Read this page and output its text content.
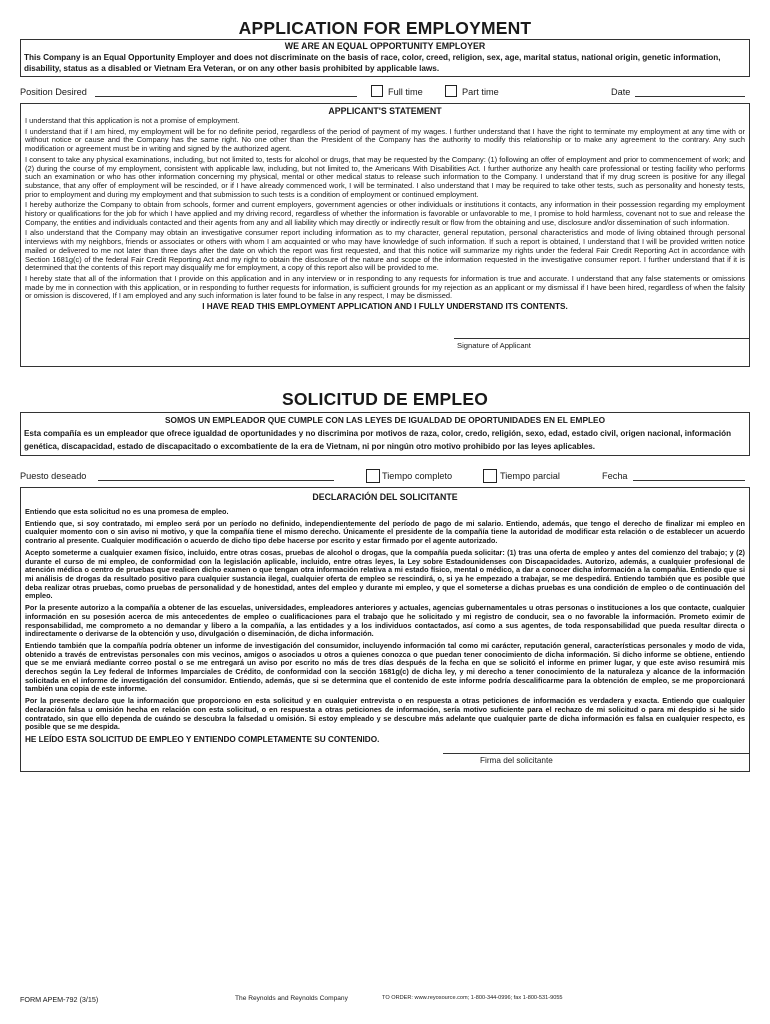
APPLICATION FOR EMPLOYMENT
WE ARE AN EQUAL OPPORTUNITY EMPLOYER
This Company is an Equal Opportunity Employer and does not discriminate on the basis of race, color, creed, religion, sex, age, marital status, national origin, genetic information, disability, status as a disabled or Vietnam Era Veteran, or on any other basis prohibited by applicable laws.
Position Desired	Full time	Part time	Date
APPLICANT'S STATEMENT

I understand that this application is not a promise of employment.

I understand that if I am hired, my employment will be for no definite period, regardless of the period of payment of my wages. I further understand that I have the right to terminate my employment at any time with or without notice or cause and the Company has the same right. No one other than the President of the Company has the authority to modify this relationship or to make any agreement to the contrary. Any such modification or agreement must be in writing and signed by the authorized agent.

I consent to take any physical examinations, including, but not limited to, tests for alcohol or drugs, that may be requested by the Company: (1) following an offer of employment and prior to commencement of work; and (2) during the course of my employment, consistent with applicable law, including, but not limited to, the Americans With Disabilities Act. I further authorize any health care professional or testing facility who performs such an examination or who has other information concerning my physical, mental or other medical status to release such information to the Company. I understand that if my drug screen is positive for any illegal substance, that any offer of employment will be rescinded, or if I have already commenced work, I will be terminated. I also understand that I may be required to take other tests, such as personality and honesty tests, prior to employment and during my employment and that submission to such tests is a condition of employment or continued employment.

I hereby authorize the Company to obtain from schools, former and current employers, government agencies or other individuals or institutions it contacts, any information in their possession regarding my employment history or qualifications for the job for which I have applied and my driving record, regardless of whether the information is favorable or unfavorable to me, I promise to hold harmless, covenant not to sue and release the Company, the entities and individuals contacted and their agents from any and all liability which may directly or indirectly result or flow from the obtaining and use, disclosure and/or dissemination of such information.

I also understand that the Company may obtain an investigative consumer report including information as to my character, general reputation, personal characteristics and mode of living obtained through personal interviews with my neighbors, friends or associates or others with whom I am acquainted or who may have knowledge of such information. If such a report is obtained, I understand that I will be provided written notice mailed or delivered to me not later than three days after the date on which the report was first requested, and that this notice will summarize my rights under the federal Fair Credit Reporting Act in accordance with Section 1681g(c) of the federal Fair Credit Reporting Act and my right to obtain the disclosure of the nature and scope of the information requested in the investigative consumer report. I further understand that if it is determined that the contents of this report may disqualify me for employment, a copy of this report also will be provided to me.

I hereby state that all of the information that I provide on this application and in any interview or in responding to any requests for information is true and accurate. I understand that any false statements or omissions made by me in connection with this application, or in responding to further requests for information, is sufficient grounds for my rejection as an applicant or my dismissal if I have been hired, regardless of when the falsity or omission is discovered, If I am employed and any such information is later found to be false in any respect, I may be dismissed.

I HAVE READ THIS EMPLOYMENT APPLICATION AND I FULLY UNDERSTAND ITS CONTENTS.
Signature of Applicant
SOLICITUD DE EMPLEO
SOMOS UN EMPLEADOR QUE CUMPLE CON LAS LEYES DE IGUALDAD DE OPORTUNIDADES EN EL EMPLEO
Esta compañía es un empleador que ofrece igualdad de oportunidades y no discrimina por motivos de raza, color, credo, religión, sexo, edad, estado civil, origen nacional, información genética, discapacidad, estado de discapacitado o excombatiente de la era de Vietnam, ni por ningún otro motivo prohibido por las leyes aplicables.
Puesto deseado	Tiempo completo	Tiempo parcial	Fecha
DECLARACIÓN DEL SOLICITANTE

Entiendo que esta solicitud no es una promesa de empleo.

Entiendo que, si soy contratado, mi empleo será por un período no definido, independientemente del período de pago de mi salario. Entiendo, además, que tengo el derecho de finalizar mi empleo en cualquier momento con o sin aviso ni motivo, y que la compañía tiene el mismo derecho. Únicamente el presidente de la compañía tiene la autoridad de modificar esta relación o de establecer un acuerdo contrario al presente. Cualquier modificación o acuerdo de dicho tipo debe hacerse por escrito y estar firmado por el agente autorizado.

Acepto someterme a cualquier examen físico, incluido, entre otras cosas, pruebas de alcohol o drogas, que la compañía pueda solicitar: (1) tras una oferta de empleo y antes del comienzo del trabajo; y (2) durante el curso de mi empleo, de conformidad con la legislación aplicable, incluido, entre otras leyes, la Ley sobre Estadounidenses con Discapacidades. Autorizo, además, a cualquier profesional de atención médica o centro de pruebas que realicen dicho examen o que tengan otra información relativa a mi estado físico, mental o médico, a dar a conocer dicha información a la compañía. Entiendo que si mi análisis de drogas da resultado positivo para cualquier sustancia ilegal, cualquier oferta de empleo se rescindirá, o, si ya he empezado a trabajar, se me despedirá. Entiendo también que es posible que deba realizar otras pruebas, como pruebas de personalidad y de honestidad, antes del empleo y durante mi empleo, y que el someterse a dichas pruebas es una condición de empleo o de continuación del empleo.

Por la presente autorizo a la compañía a obtener de las escuelas, universidades, empleadores anteriores y actuales, agencias gubernamentales u otras personas o instituciones a los que contacte, cualquier información en su posesión acerca de mis antecedentes de empleo o cualificaciones para el trabajo que he solicitado y mi registro de conducir, sea o no favorable la información. Prometo eximir de responsabilidad, me comprometo a no demandar y libero a la compañía, a las entidades y a los individuos contactados, así como a sus agentes, de toda responsabilidad que pueda resultar directa o indirectamente o derivarse de la obtención y uso, divulgación o diseminación, de dicha información.

Entiendo también que la compañía podría obtener un informe de investigación del consumidor, incluyendo información tal como mi carácter, reputación general, características personales y modo de vida, obtenido a través de entrevistas personales con mis vecinos, amigos o asociados u otros a quienes conozca o que puedan tener conocimiento de dicha información. Si dicho informe se obtiene, entiendo que se me enviará mediante correo postal o se me entregará un aviso por escrito no más de tres días después de la fecha en que se solicitó el informe en primer lugar, y que este aviso resumirá mis derechos según la Ley federal de Informes Imparciales de Crédito, de conformidad con la sección 1681g(c) de dicha ley, y mi derecho a tener conocimiento de la naturaleza y alcance de la información solicitada en el informe de investigación del consumidor. Entiendo, además, que si se determina que el contenido de este informe podría descalificarme para la obtención de empleo, se me proporcionará también una copia de este informe.

Por la presente declaro que la información que proporciono en esta solicitud y en cualquier entrevista o en respuesta a otras peticiones de información es verdadera y exacta. Entiendo que cualquier declaración falsa u omisión hecha en relación con esta solicitud, o en respuesta a otras peticiones de información, sería motivo suficiente para el rechazo de mi solicitud o para mi despido si he sido contratado, sin que ello dependa de cuándo se descubra la falsedad u omisión. Si estoy empleado y se descubre más adelante que cualquier parte de dicha información es falsa en cualquier respecto, es posible que se me despida.

HE LEÍDO ESTA SOLICITUD DE EMPLEO Y ENTIENDO COMPLETAMENTE SU CONTENIDO.
Firma del solicitante
FORM APEM-792 (3/15)	The Reynolds and Reynolds Company	TO ORDER: www.reyosource.com; 1-800-344-0996; fax 1-800-531-9055
